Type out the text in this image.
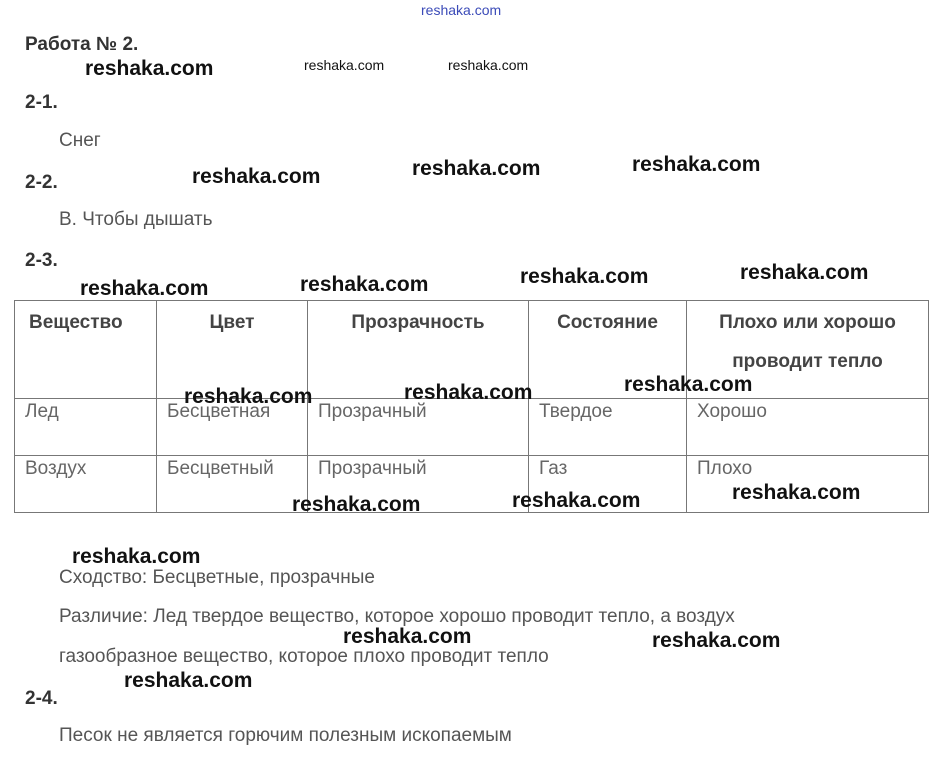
reshaka.com
Работа № 2.
2-1.
Снег
2-2.
В. Чтобы дышать
2-3.
Вещество	Цвет	Прозрачность	Состояние	Плохо или хорошо проводит тепло
Лед	Бесцветная	Прозрачный	Твердое	Хорошо
Воздух	Бесцветный	Прозрачный	Газ	Плохо
Сходство: Бесцветные, прозрачные
Различие: Лед твердое вещество, которое хорошо проводит тепло, а воздух
газообразное вещество, которое плохо проводит тепло
2-4.
Песок не является горючим полезным ископаемым
reshaka.com	reshaka.com	reshaka.com
reshaka.com	reshaka.com	reshaka.com
reshaka.com	reshaka.com	reshaka.com	reshaka.com
reshaka.com	reshaka.com	reshaka.com
reshaka.com	reshaka.com	reshaka.com
reshaka.com
reshaka.com	reshaka.com
reshaka.com
